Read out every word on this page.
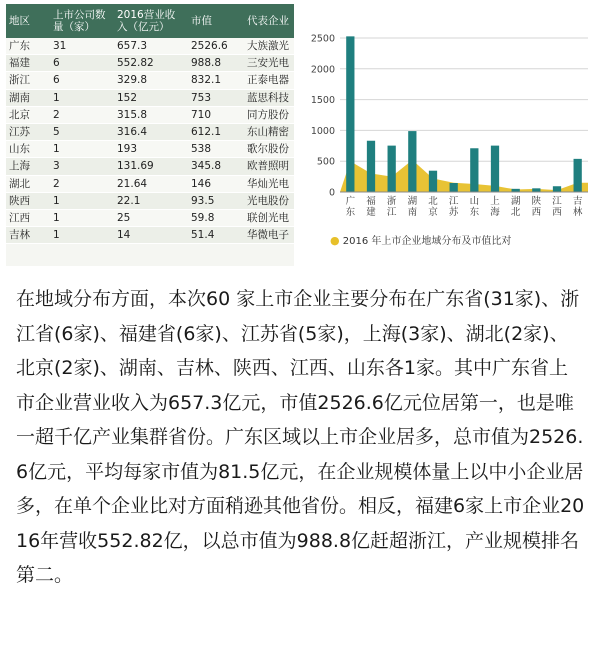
地区	上市公司数量（家）	2016营业收入（亿元）	市值	代表企业
广东	31	657.3	2526.6	大族激光
福建	6	552.82	988.8	三安光电
浙江	6	329.8	832.1	正泰电器
湖南	1	152	753	蓝思科技
北京	2	315.8	710	同方股份
江苏	5	316.4	612.1	东山精密
山东	1	193	538	歌尔股份
上海	3	131.69	345.8	欧普照明
湖北	2	21.64	146	华灿光电
陕西	1	22.1	93.5	光电股份
江西	1	25	59.8	联创光电
吉林	1	14	51.4	华微电子
0
500
1000
1500
2000
2500
广东
福建
浙江
湖南
北京
江苏
山东
上海
湖北
陕西
江西
吉林
● 2016 年上市企业地域分布及市值比对
在地域分布方面，本次60 家上市企业主要分布在广东省(31家)、浙江省(6家)、福建省(6家)、江苏省(5家)，上海(3家)、湖北(2家)、北京(2家)、湖南、吉林、陕西、江西、山东各1家。其中广东省上市企业营业收入为657.3亿元，市值2526.6亿元位居第一，也是唯一超千亿产业集群省份。广东区域以上市企业居多，总市值为2526.6亿元，平均每家市值为81.5亿元，在企业规模体量上以中小企业居多，在单个企业比对方面稍逊其他省份。相反，福建6家上市企业2016年营收552.82亿，以总市值为988.8亿赶超浙江，产业规模排名第二。
